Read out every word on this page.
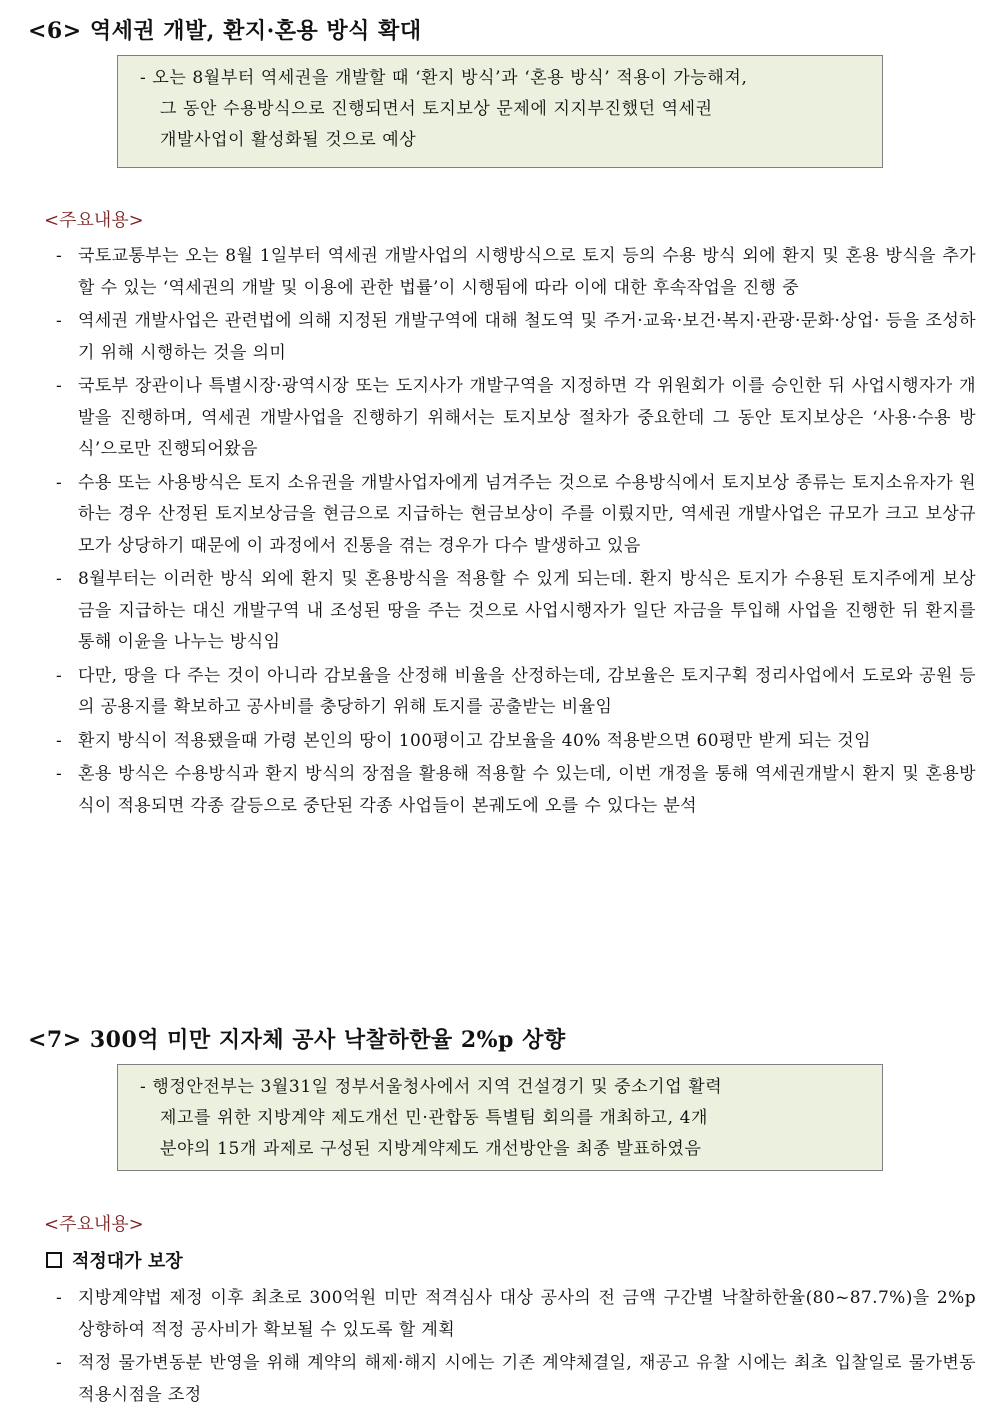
<6> 역세권 개발, 환지·혼용 방식 확대
- 오는 8월부터 역세권을 개발할 때 ‘환지 방식’과 ‘혼용 방식’ 적용이 가능해져,
그 동안 수용방식으로 진행되면서 토지보상 문제에 지지부진했던 역세권
개발사업이 활성화될 것으로 예상
<주요내용>
- 국토교통부는 오는 8월 1일부터 역세권 개발사업의 시행방식으로 토지 등의 수용 방식 외에 환지 및 혼용 방식을 추가할 수 있는 ‘역세권의 개발 및 이용에 관한 법률’이 시행됨에 따라 이에 대한 후속작업을 진행 중
- 역세권 개발사업은 관련법에 의해 지정된 개발구역에 대해 철도역 및 주거·교육·보건·복지·관광·문화·상업· 등을 조성하기 위해 시행하는 것을 의미
- 국토부 장관이나 특별시장·광역시장 또는 도지사가 개발구역을 지정하면 각 위원회가 이를 승인한 뒤 사업시행자가 개발을 진행하며, 역세권 개발사업을 진행하기 위해서는 토지보상 절차가 중요한데 그 동안 토지보상은 ‘사용·수용 방식’으로만 진행되어왔음
- 수용 또는 사용방식은 토지 소유권을 개발사업자에게 넘겨주는 것으로 수용방식에서 토지보상 종류는 토지소유자가 원하는 경우 산정된 토지보상금을 현금으로 지급하는 현금보상이 주를 이뤘지만, 역세권 개발사업은 규모가 크고 보상규모가 상당하기 때문에 이 과정에서 진통을 겪는 경우가 다수 발생하고 있음
- 8월부터는 이러한 방식 외에 환지 및 혼용방식을 적용할 수 있게 되는데. 환지 방식은 토지가 수용된 토지주에게 보상금을 지급하는 대신 개발구역 내 조성된 땅을 주는 것으로 사업시행자가 일단 자금을 투입해 사업을 진행한 뒤 환지를 통해 이윤을 나누는 방식임
- 다만, 땅을 다 주는 것이 아니라 감보율을 산정해 비율을 산정하는데, 감보율은 토지구획 정리사업에서 도로와 공원 등의 공용지를 확보하고 공사비를 충당하기 위해 토지를 공출받는 비율임
- 환지 방식이 적용됐을때 가령 본인의 땅이 100평이고 감보율을 40% 적용받으면 60평만 받게 되는 것임
- 혼용 방식은 수용방식과 환지 방식의 장점을 활용해 적용할 수 있는데, 이번 개정을 통해 역세권개발시 환지 및 혼용방식이 적용되면 각종 갈등으로 중단된 각종 사업들이 본궤도에 오를 수 있다는 분석
<7> 300억 미만 지자체 공사 낙찰하한율 2%p 상향
- 행정안전부는 3월31일 정부서울청사에서 지역 건설경기 및 중소기업 활력
제고를 위한 지방계약 제도개선 민·관합동 특별팀 회의를 개최하고, 4개
분야의 15개 과제로 구성된 지방계약제도 개선방안을 최종 발표하였음
<주요내용>
적정대가 보장
- 지방계약법 제정 이후 최초로 300억원 미만 적격심사 대상 공사의 전 금액 구간별 낙찰하한율(80~87.7%)을 2%p 상향하여 적정 공사비가 확보될 수 있도록 할 계획
- 적정 물가변동분 반영을 위해 계약의 해제·해지 시에는 기존 계약체결일, 재공고 유찰 시에는 최초 입찰일로 물가변동 적용시점을 조정
